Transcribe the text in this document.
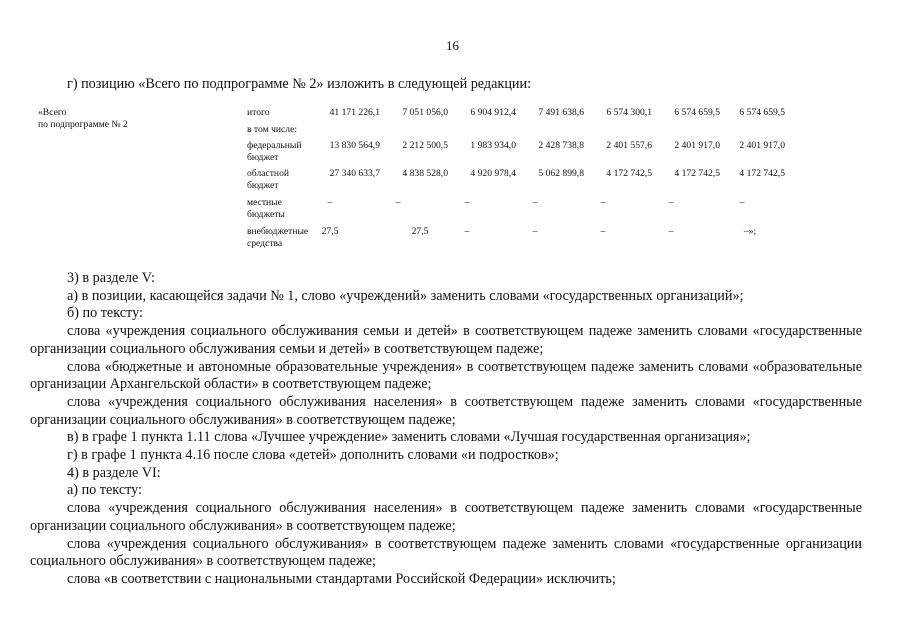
16
г) позицию «Всего по подпрограмме № 2» изложить в следующей редакции:
«Всего
по подпрограмме № 2
итого	41 171 226,1	7 051 056,0	6 904 912,4	7 491 638,6	6 574 300,1	6 574 659,5	6 574 659,5
в том числе:
федеральный
бюджет
13 830 564,9	2 212 500,5	1 983 934,0	2 428 738,8	2 401 557,6	2 401 917,0	2 401 917,0
областной
бюджет
27 340 633,7	4 838 528,0	4 920 978,4	5 062 899,8	4 172 742,5	4 172 742,5	4 172 742,5
местные
бюджеты
–	–	–	–	–	–	–
внебюджетные
средства
27,5	27,5	–	–	–	–	–»;

3) в разделе V:

а) в позиции, касающейся задачи № 1, слово «учреждений» заменить словами «государственных организаций»;

б) по тексту:

слова «учреждения социального обслуживания семьи и детей» в соответствующем падеже заменить словами «государственные организации социального обслуживания семьи и детей» в соответствующем падеже;

слова «бюджетные и автономные образовательные учреждения» в соответствующем падеже заменить словами «образовательные организации Архангельской области» в соответствующем падеже;

слова «учреждения социального обслуживания населения» в соответствующем падеже заменить словами «государственные организации социального обслуживания» в соответствующем падеже;

в) в графе 1 пункта 1.11 слова «Лучшее учреждение» заменить словами «Лучшая государственная организация»;

г) в графе 1 пункта 4.16 после слова «детей» дополнить словами «и подростков»;

4) в разделе VI:

а) по тексту:

слова «учреждения социального обслуживания населения» в соответствующем падеже заменить словами «государственные организации социального обслуживания» в соответствующем падеже;

слова «учреждения социального обслуживания» в соответствующем падеже заменить словами «государственные организации социального обслуживания» в соответствующем падеже;

слова «в соответствии с национальными стандартами Российской Федерации» исключить;
